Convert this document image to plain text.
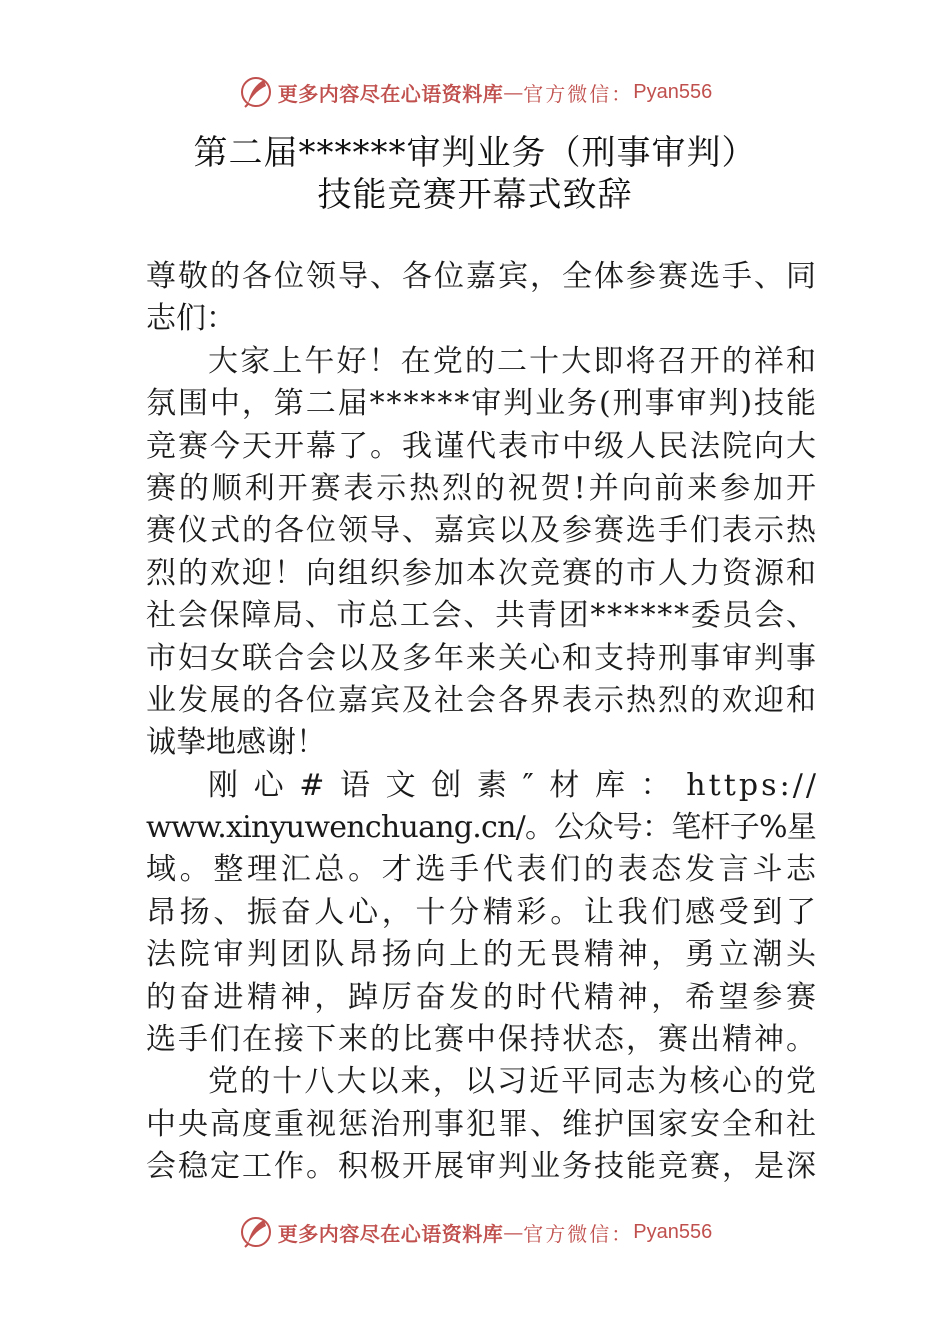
更多内容尽在心语资料库 — 官方微信： Pyan556
第二届******审判业务（刑事审判）
技能竞赛开幕式致辞
尊敬的各位领导、各位嘉宾，全体参赛选手、同
志们：
大家上午好！在党的二十大即将召开的祥和
氛围中，第二届******审判业务(刑事审判)技能
竞赛今天开幕了。我谨代表市中级人民法院向大
赛的顺利开赛表示热烈的祝贺!并向前来参加开
赛仪式的各位领导、嘉宾以及参赛选手们表示热
烈的欢迎！向组织参加本次竞赛的市人力资源和
社会保障局、市总工会、共青团******委员会、
市妇女联合会以及多年来关心和支持刑事审判事
业发展的各位嘉宾及社会各界表示热烈的欢迎和
诚挚地感谢！
刚 心 # 语 文 创 素 ″ 材 库 ： https://
www.xinyuwenchuang.cn/。公众号：笔杆子%星
域。整理汇总。才选手代表们的表态发言斗志
昂扬、振奋人心，十分精彩。让我们感受到了
法院审判团队昂扬向上的无畏精神，勇立潮头
的奋进精神，踔厉奋发的时代精神，希望参赛
选手们在接下来的比赛中保持状态，赛出精神。
党的十八大以来，以习近平同志为核心的党
中央高度重视惩治刑事犯罪、维护国家安全和社
会稳定工作。积极开展审判业务技能竞赛，是深
更多内容尽在心语资料库 — 官方微信： Pyan556
